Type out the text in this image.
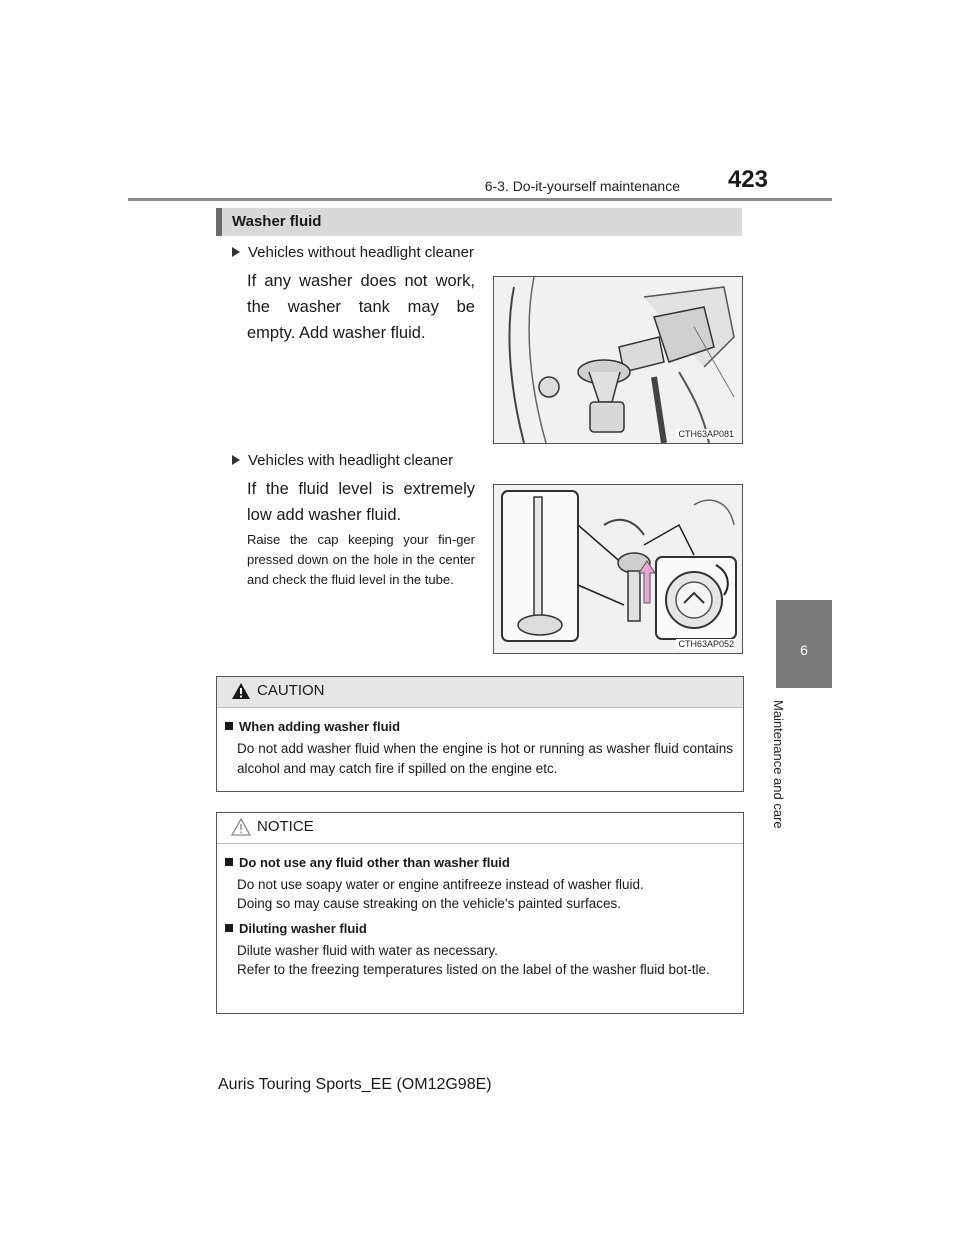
6-3. Do-it-yourself maintenance	423
6
Maintenance and care
Washer fluid
Vehicles without headlight cleaner
If any washer does not work, the washer tank may be empty. Add washer fluid.
CTH63AP081
Vehicles with headlight cleaner
If the fluid level is extremely low add washer fluid.
Raise the cap keeping your fin-ger pressed down on the hole in the center and check the fluid level in the tube.
CTH63AP052
CAUTION
When adding washer fluid
Do not add washer fluid when the engine is hot or running as washer fluid contains alcohol and may catch fire if spilled on the engine etc.
NOTICE
Do not use any fluid other than washer fluid
Do not use soapy water or engine antifreeze instead of washer fluid.
Doing so may cause streaking on the vehicle’s painted surfaces.
Diluting washer fluid
Dilute washer fluid with water as necessary.
Refer to the freezing temperatures listed on the label of the washer fluid bot-tle.
Auris Touring Sports_EE (OM12G98E)
